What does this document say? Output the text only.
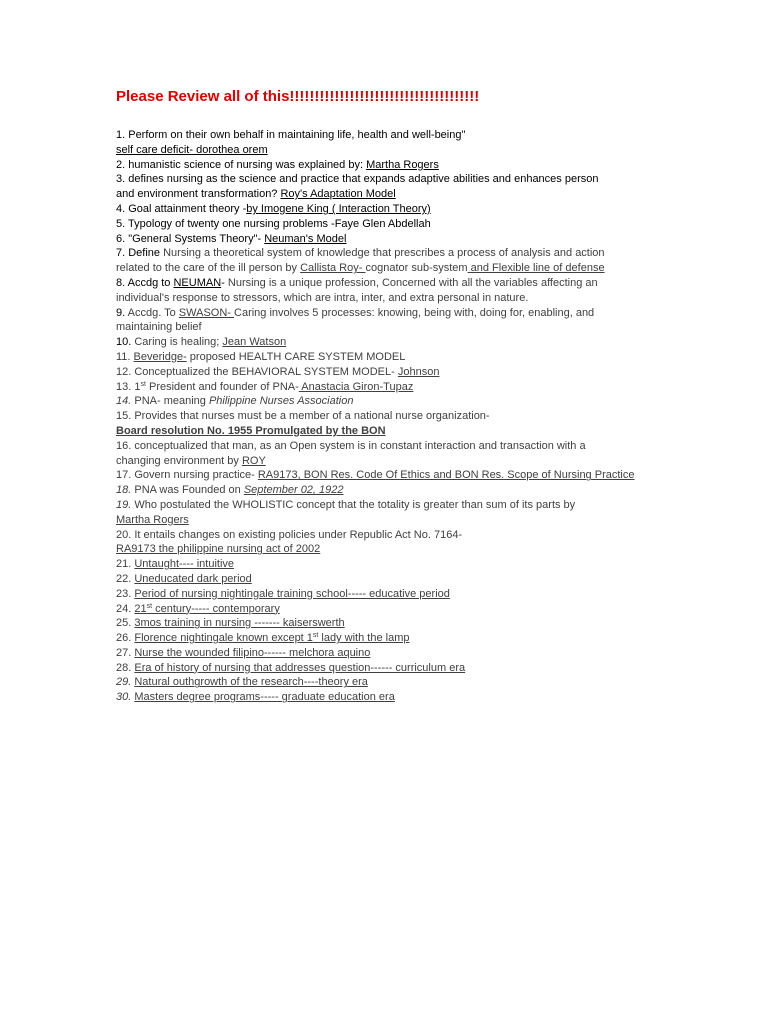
Please Review all of this!!!!!!!!!!!!!!!!!!!!!!!!!!!!!!!!!!!!!!

1. Perform on their own behalf in maintaining life, health and well-being"

self care deficit- dorothea orem

2. humanistic science of nursing was explained by: Martha Rogers

3. defines nursing as the science and practice that expands adaptive abilities and enhances person

and environment transformation? Roy's Adaptation Model

4. Goal attainment theory -by Imogene King ( Interaction Theory)

5. Typology of twenty one nursing problems -Faye Glen Abdellah

6. "General Systems Theory"- Neuman's Model

7. Define Nursing a theoretical system of knowledge that prescribes a process of analysis and action

related to the care of the ill person by Callista Roy- cognator sub-system and Flexible line of defense

8. Accdg to NEUMAN- Nursing is a unique profession, Concerned with all the variables affecting an

individual's response to stressors, which are intra, inter, and extra personal in nature.

9. Accdg. To SWASON- Caring involves 5 processes: knowing, being with, doing for, enabling, and

maintaining belief

10. Caring is healing; Jean Watson

11. Beveridge- proposed HEALTH CARE SYSTEM MODEL

12. Conceptualized the BEHAVIORAL SYSTEM MODEL- Johnson

13. 1st President and founder of PNA- Anastacia Giron-Tupaz

14. PNA- meaning Philippine Nurses Association

15. Provides that nurses must be a member of a national nurse organization-

Board resolution No. 1955 Promulgated by the BON

16. conceptualized that man, as an Open system is in constant interaction and transaction with a

changing environment by ROY

17. Govern nursing practice- RA9173, BON Res. Code Of Ethics and BON Res. Scope of Nursing Practice

18. PNA was Founded on September 02, 1922

19. Who postulated the WHOLISTIC concept that the totality is greater than sum of its parts by

Martha Rogers

20. It entails changes on existing policies under Republic Act No. 7164-

RA9173 the philippine nursing act of 2002

21. Untaught---- intuitive

22. Uneducated dark period

23. Period of nursing nightingale training school----- educative period

24. 21st century----- contemporary

25. 3mos training in nursing ------- kaiserswerth

26. Florence nightingale known except 1st lady with the lamp

27. Nurse the wounded filipino------ melchora aquino

28. Era of history of nursing that addresses question------ curriculum era

29. Natural outhgrowth of the research----theory era

30. Masters degree programs----- graduate education era
